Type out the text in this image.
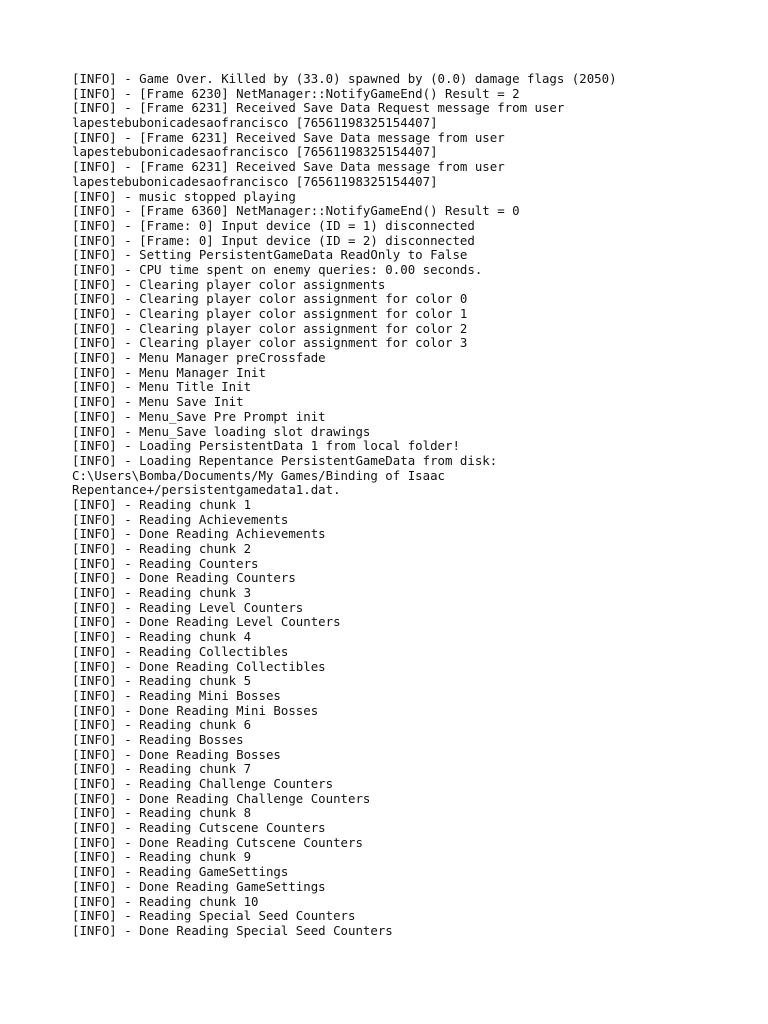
[INFO] - Game Over. Killed by (33.0) spawned by (0.0) damage flags (2050)
[INFO] - [Frame 6230] NetManager::NotifyGameEnd() Result = 2
[INFO] - [Frame 6231] Received Save Data Request message from user
lapestebubonicadesaofrancisco [76561198325154407]
[INFO] - [Frame 6231] Received Save Data message from user
lapestebubonicadesaofrancisco [76561198325154407]
[INFO] - [Frame 6231] Received Save Data message from user
lapestebubonicadesaofrancisco [76561198325154407]
[INFO] - music stopped playing
[INFO] - [Frame 6360] NetManager::NotifyGameEnd() Result = 0
[INFO] - [Frame: 0] Input device (ID = 1) disconnected
[INFO] - [Frame: 0] Input device (ID = 2) disconnected
[INFO] - Setting PersistentGameData ReadOnly to False
[INFO] - CPU time spent on enemy queries: 0.00 seconds.
[INFO] - Clearing player color assignments
[INFO] - Clearing player color assignment for color 0
[INFO] - Clearing player color assignment for color 1
[INFO] - Clearing player color assignment for color 2
[INFO] - Clearing player color assignment for color 3
[INFO] - Menu Manager preCrossfade
[INFO] - Menu Manager Init
[INFO] - Menu Title Init
[INFO] - Menu Save Init
[INFO] - Menu_Save Pre Prompt init
[INFO] - Menu_Save loading slot drawings
[INFO] - Loading PersistentData 1 from local folder!
[INFO] - Loading Repentance PersistentGameData from disk:
C:\Users\Bomba/Documents/My Games/Binding of Isaac
Repentance+/persistentgamedata1.dat.
[INFO] - Reading chunk 1
[INFO] - Reading Achievements
[INFO] - Done Reading Achievements
[INFO] - Reading chunk 2
[INFO] - Reading Counters
[INFO] - Done Reading Counters
[INFO] - Reading chunk 3
[INFO] - Reading Level Counters
[INFO] - Done Reading Level Counters
[INFO] - Reading chunk 4
[INFO] - Reading Collectibles
[INFO] - Done Reading Collectibles
[INFO] - Reading chunk 5
[INFO] - Reading Mini Bosses
[INFO] - Done Reading Mini Bosses
[INFO] - Reading chunk 6
[INFO] - Reading Bosses
[INFO] - Done Reading Bosses
[INFO] - Reading chunk 7
[INFO] - Reading Challenge Counters
[INFO] - Done Reading Challenge Counters
[INFO] - Reading chunk 8
[INFO] - Reading Cutscene Counters
[INFO] - Done Reading Cutscene Counters
[INFO] - Reading chunk 9
[INFO] - Reading GameSettings
[INFO] - Done Reading GameSettings
[INFO] - Reading chunk 10
[INFO] - Reading Special Seed Counters
[INFO] - Done Reading Special Seed Counters
